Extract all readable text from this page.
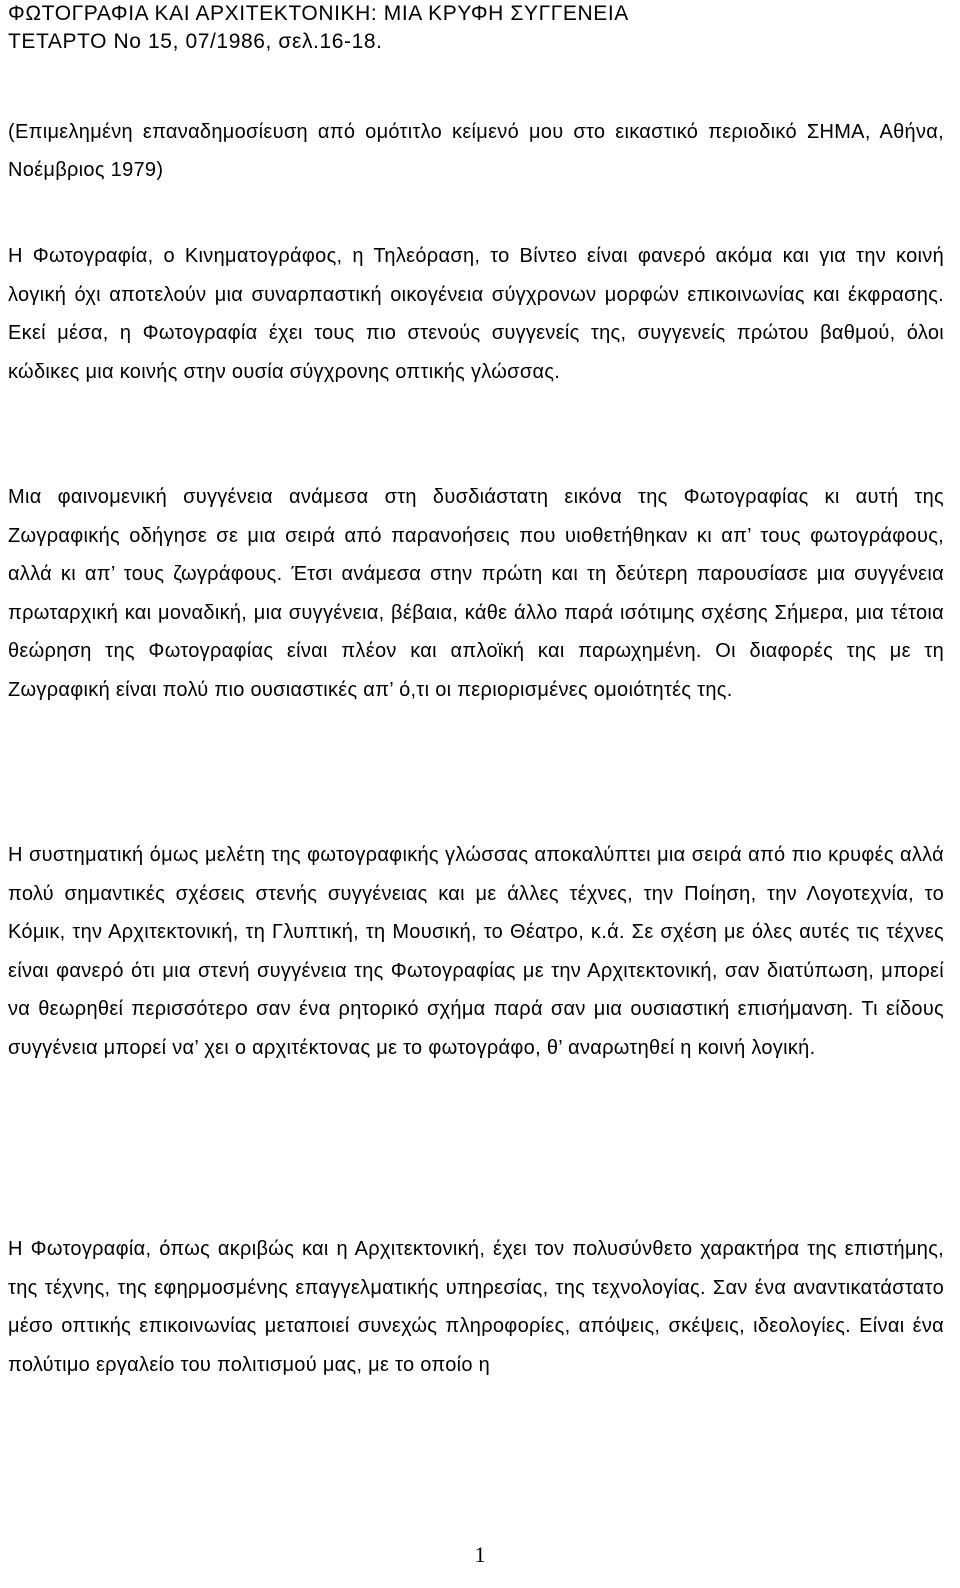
ΦΩΤΟΓΡΑΦΙΑ ΚΑΙ ΑΡΧΙΤΕΚΤΟΝΙΚΗ: ΜΙΑ ΚΡΥΦΗ ΣΥΓΓΕΝΕΙΑ
ΤΕΤΑΡΤΟ Νο 15, 07/1986, σελ.16-18.

(Επιμελημένη επαναδημοσίευση από ομότιτλο κείμενό μου στο εικαστικό περιοδικό ΣΗΜΑ, Αθήνα, Νοέμβριος 1979)

Η Φωτογραφία, ο Κινηματογράφος, η Τηλεόραση, το Βίντεο είναι φανερό ακόμα και για την κοινή λογική όχι αποτελούν μια συναρπαστική οικογένεια σύγχρονων μορφών επικοινωνίας και έκφρασης. Εκεί μέσα, η Φωτογραφία έχει τους πιο στενούς συγγενείς της, συγγενείς πρώτου βαθμού, όλοι κώδικες μια κοινής στην ουσία σύγχρονης οπτικής γλώσσας.

Μια φαινομενική συγγένεια ανάμεσα στη δυσδιάστατη εικόνα της Φωτογραφίας κι αυτή της Ζωγραφικής οδήγησε σε μια σειρά από παρανοήσεις που υιοθετήθηκαν κι απ’ τους φωτογράφους, αλλά κι απ’ τους ζωγράφους. Έτσι ανάμεσα στην πρώτη και τη δεύτερη παρουσίασε μια συγγένεια πρωταρχική και μοναδική, μια συγγένεια, βέβαια, κάθε άλλο παρά ισότιμης σχέσης Σήμερα, μια τέτοια θεώρηση της Φωτογραφίας είναι πλέον και απλοϊκή και παρωχημένη. Οι διαφορές της με τη Ζωγραφική είναι πολύ πιο ουσιαστικές απ’ ό,τι οι περιορισμένες ομοιότητές της.

Η συστηματική όμως μελέτη της φωτογραφικής γλώσσας αποκαλύπτει μια σειρά από πιο κρυφές αλλά πολύ σημαντικές σχέσεις στενής συγγένειας και με άλλες τέχνες, την Ποίηση, την Λογοτεχνία, το Κόμικ, την Αρχιτεκτονική, τη Γλυπτική, τη Μουσική, το Θέατρο, κ.ά. Σε σχέση με όλες αυτές τις τέχνες είναι φανερό ότι μια στενή συγγένεια της Φωτογραφίας με την Αρχιτεκτονική, σαν διατύπωση, μπορεί να θεωρηθεί περισσότερο σαν ένα ρητορικό σχήμα παρά σαν μια ουσιαστική επισήμανση. Τι είδους συγγένεια μπορεί να’ χει ο αρχιτέκτονας με το φωτογράφο, θ’ αναρωτηθεί η κοινή λογική.

Η Φωτογραφία, όπως ακριβώς και η Αρχιτεκτονική, έχει τον πολυσύνθετο χαρακτήρα της επιστήμης, της τέχνης, της εφηρμοσμένης επαγγελματικής υπηρεσίας, της τεχνολογίας. Σαν ένα αναντικατάστατο μέσο οπτικής επικοινωνίας μεταποιεί συνεχώς πληροφορίες, απόψεις, σκέψεις, ιδεολογίες. Είναι ένα πολύτιμο εργαλείο του πολιτισμού μας, με το οποίο η

1
